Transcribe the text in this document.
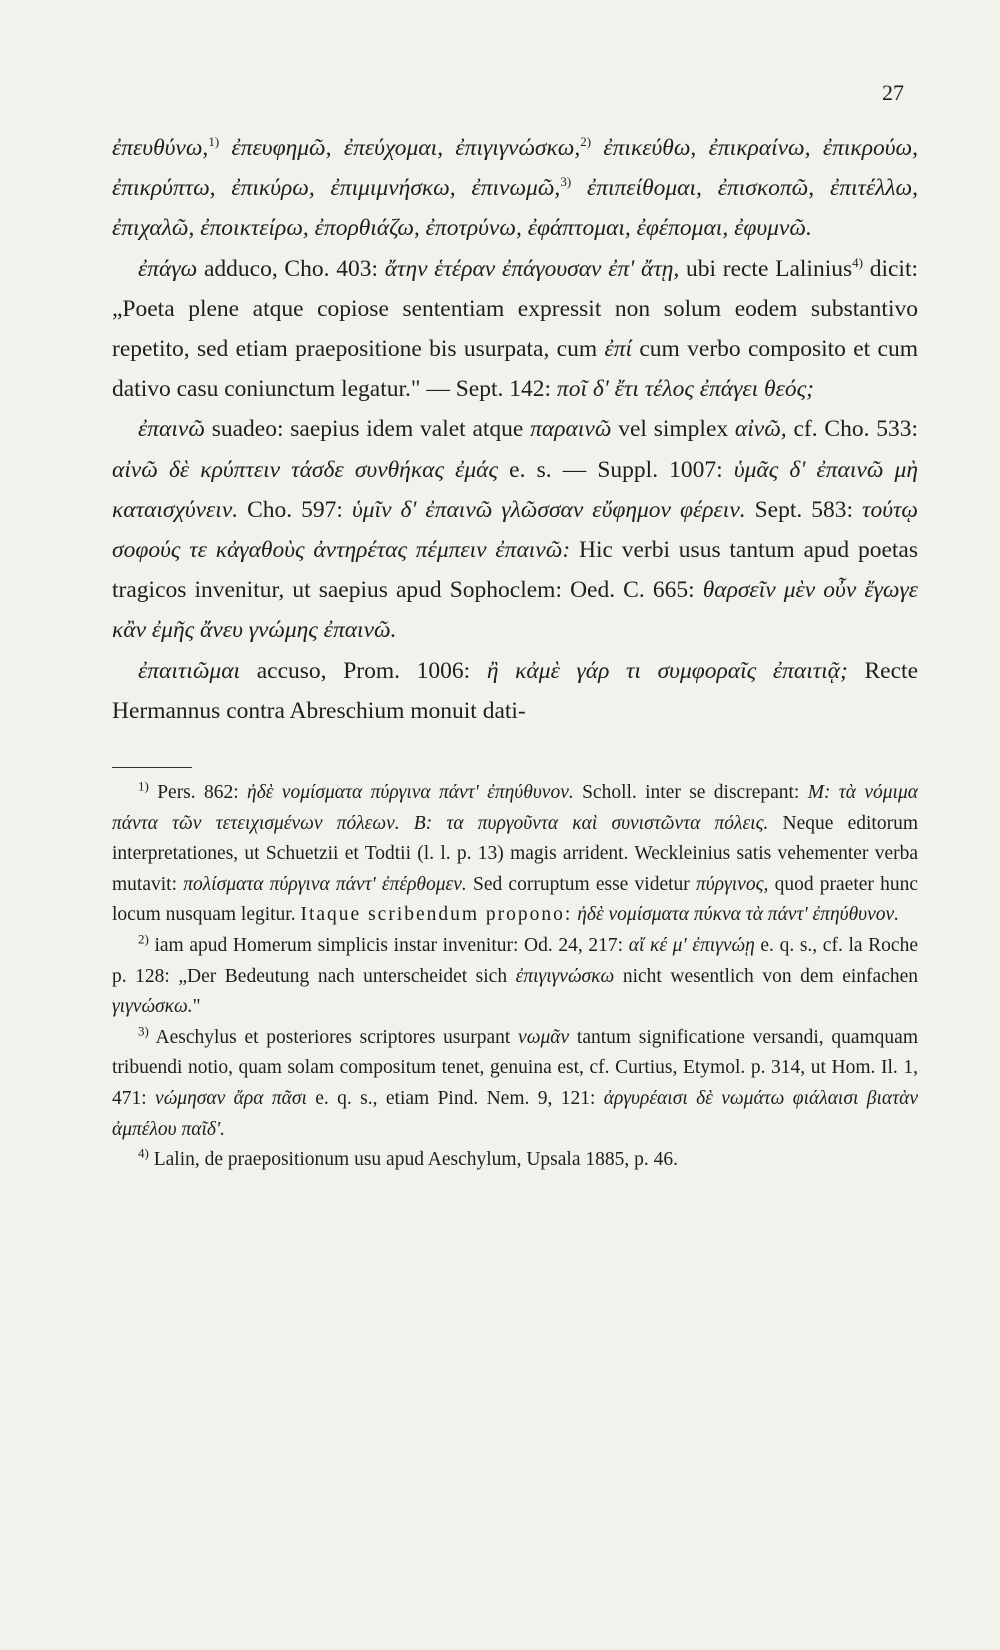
27

ἐπευθύνω,$^{1)}$ ἐπευφημῶ, ἐπεύχομαι, ἐπιγιγνώσκω,$^{2)}$ ἐπικεύθω, ἐπικραίνω, ἐπικρούω, ἐπικρύπτω, ἐπικύρω, ἐπιμιμνήσκω, ἐπινωμῶ,$^{3)}$ ἐπιπείθομαι, ἐπισκοπῶ, ἐπιτέλλω, ἐπιχαλῶ, ἐποικτείρω, ἐπορθιάζω, ἐποτρύνω, ἐφάπτομαι, ἐφέπομαι, ἐφυμνῶ.

ἐπάγω adduco, Cho. 403: ἄτην ἑτέραν ἐπάγουσαν ἐπ' ἄτῃ, ubi recte Lalinius$^{4)}$ dicit: „Poeta plene atque copiose sententiam expressit non solum eodem substantivo repetito, sed etiam praepositione bis usurpata, cum ἐπί cum verbo composito et cum dativo casu coniunctum legatur." — Sept. 142: ποῖ δ' ἔτι τέλος ἐπάγει θεός;

ἐπαινῶ suadeo: saepius idem valet atque παραινῶ vel simplex αἰνῶ, cf. Cho. 533: αἰνῶ δὲ κρύπτειν τάσδε συνθήκας ἐμάς e. s. — Suppl. 1007: ὑμᾶς δ' ἐπαινῶ μὴ καταισχύνειν. Cho. 597: ὑμῖν δ' ἐπαινῶ γλῶσσαν εὔφημον φέρειν. Sept. 583: τούτῳ σοφούς τε κἀγαθοὺς ἀντηρέτας πέμπειν ἐπαινῶ: Hic verbi usus tantum apud poetas tragicos invenitur, ut saepius apud Sophoclem: Oed. C. 665: θαρσεῖν μὲν οὖν ἔγωγε κἂν ἐμῆς ἄνευ γνώμης ἐπαινῶ.

ἐπαιτιῶμαι accuso, Prom. 1006: ἢ κἀμὲ γάρ τι συμφοραῖς ἐπαιτιᾷ; Recte Hermannus contra Abreschium monuit dati-

$^{1)}$ Pers. 862: ἠδὲ νομίσματα πύργινα πάντ' ἐπηύθυνον. Scholl. inter se discrepant: M: τὰ νόμιμα πάντα τῶν τετειχισμένων πόλεων. B: τα πυργοῦντα καὶ συνιστῶντα πόλεις. Neque editorum interpretationes, ut Schuetzii et Todtii (l. l. p. 13) magis arrident. Weckleinius satis vehementer verba mutavit: πολίσματα πύργινα πάντ' ἐπέρθομεν. Sed corruptum esse videtur πύργινος, quod praeter hunc locum nusquam legitur. Itaque scribendum propono: ἠδὲ νομίσματα πύκνα τὰ πάντ' ἐπηύθυνον.

$^{2)}$ iam apud Homerum simplicis instar invenitur: Od. 24, 217: αἴ κέ μ' ἐπιγνώῃ e. q. s., cf. la Roche p. 128: „Der Bedeutung nach unterscheidet sich ἐπιγιγνώσκω nicht wesentlich von dem einfachen γιγνώσκω."

$^{3)}$ Aeschylus et posteriores scriptores usurpant νωμᾶν tantum significatione versandi, quamquam tribuendi notio, quam solam compositum tenet, genuina est, cf. Curtius, Etymol. p. 314, ut Hom. Il. 1, 471: νώμησαν ἄρα πᾶσι e. q. s., etiam Pind. Nem. 9, 121: ἀργυρέαισι δὲ νωμάτω φιάλαισι βιατὰν ἀμπέλου παῖδ'.

$^{4)}$ Lalin, de praepositionum usu apud Aeschylum, Upsala 1885, p. 46.
